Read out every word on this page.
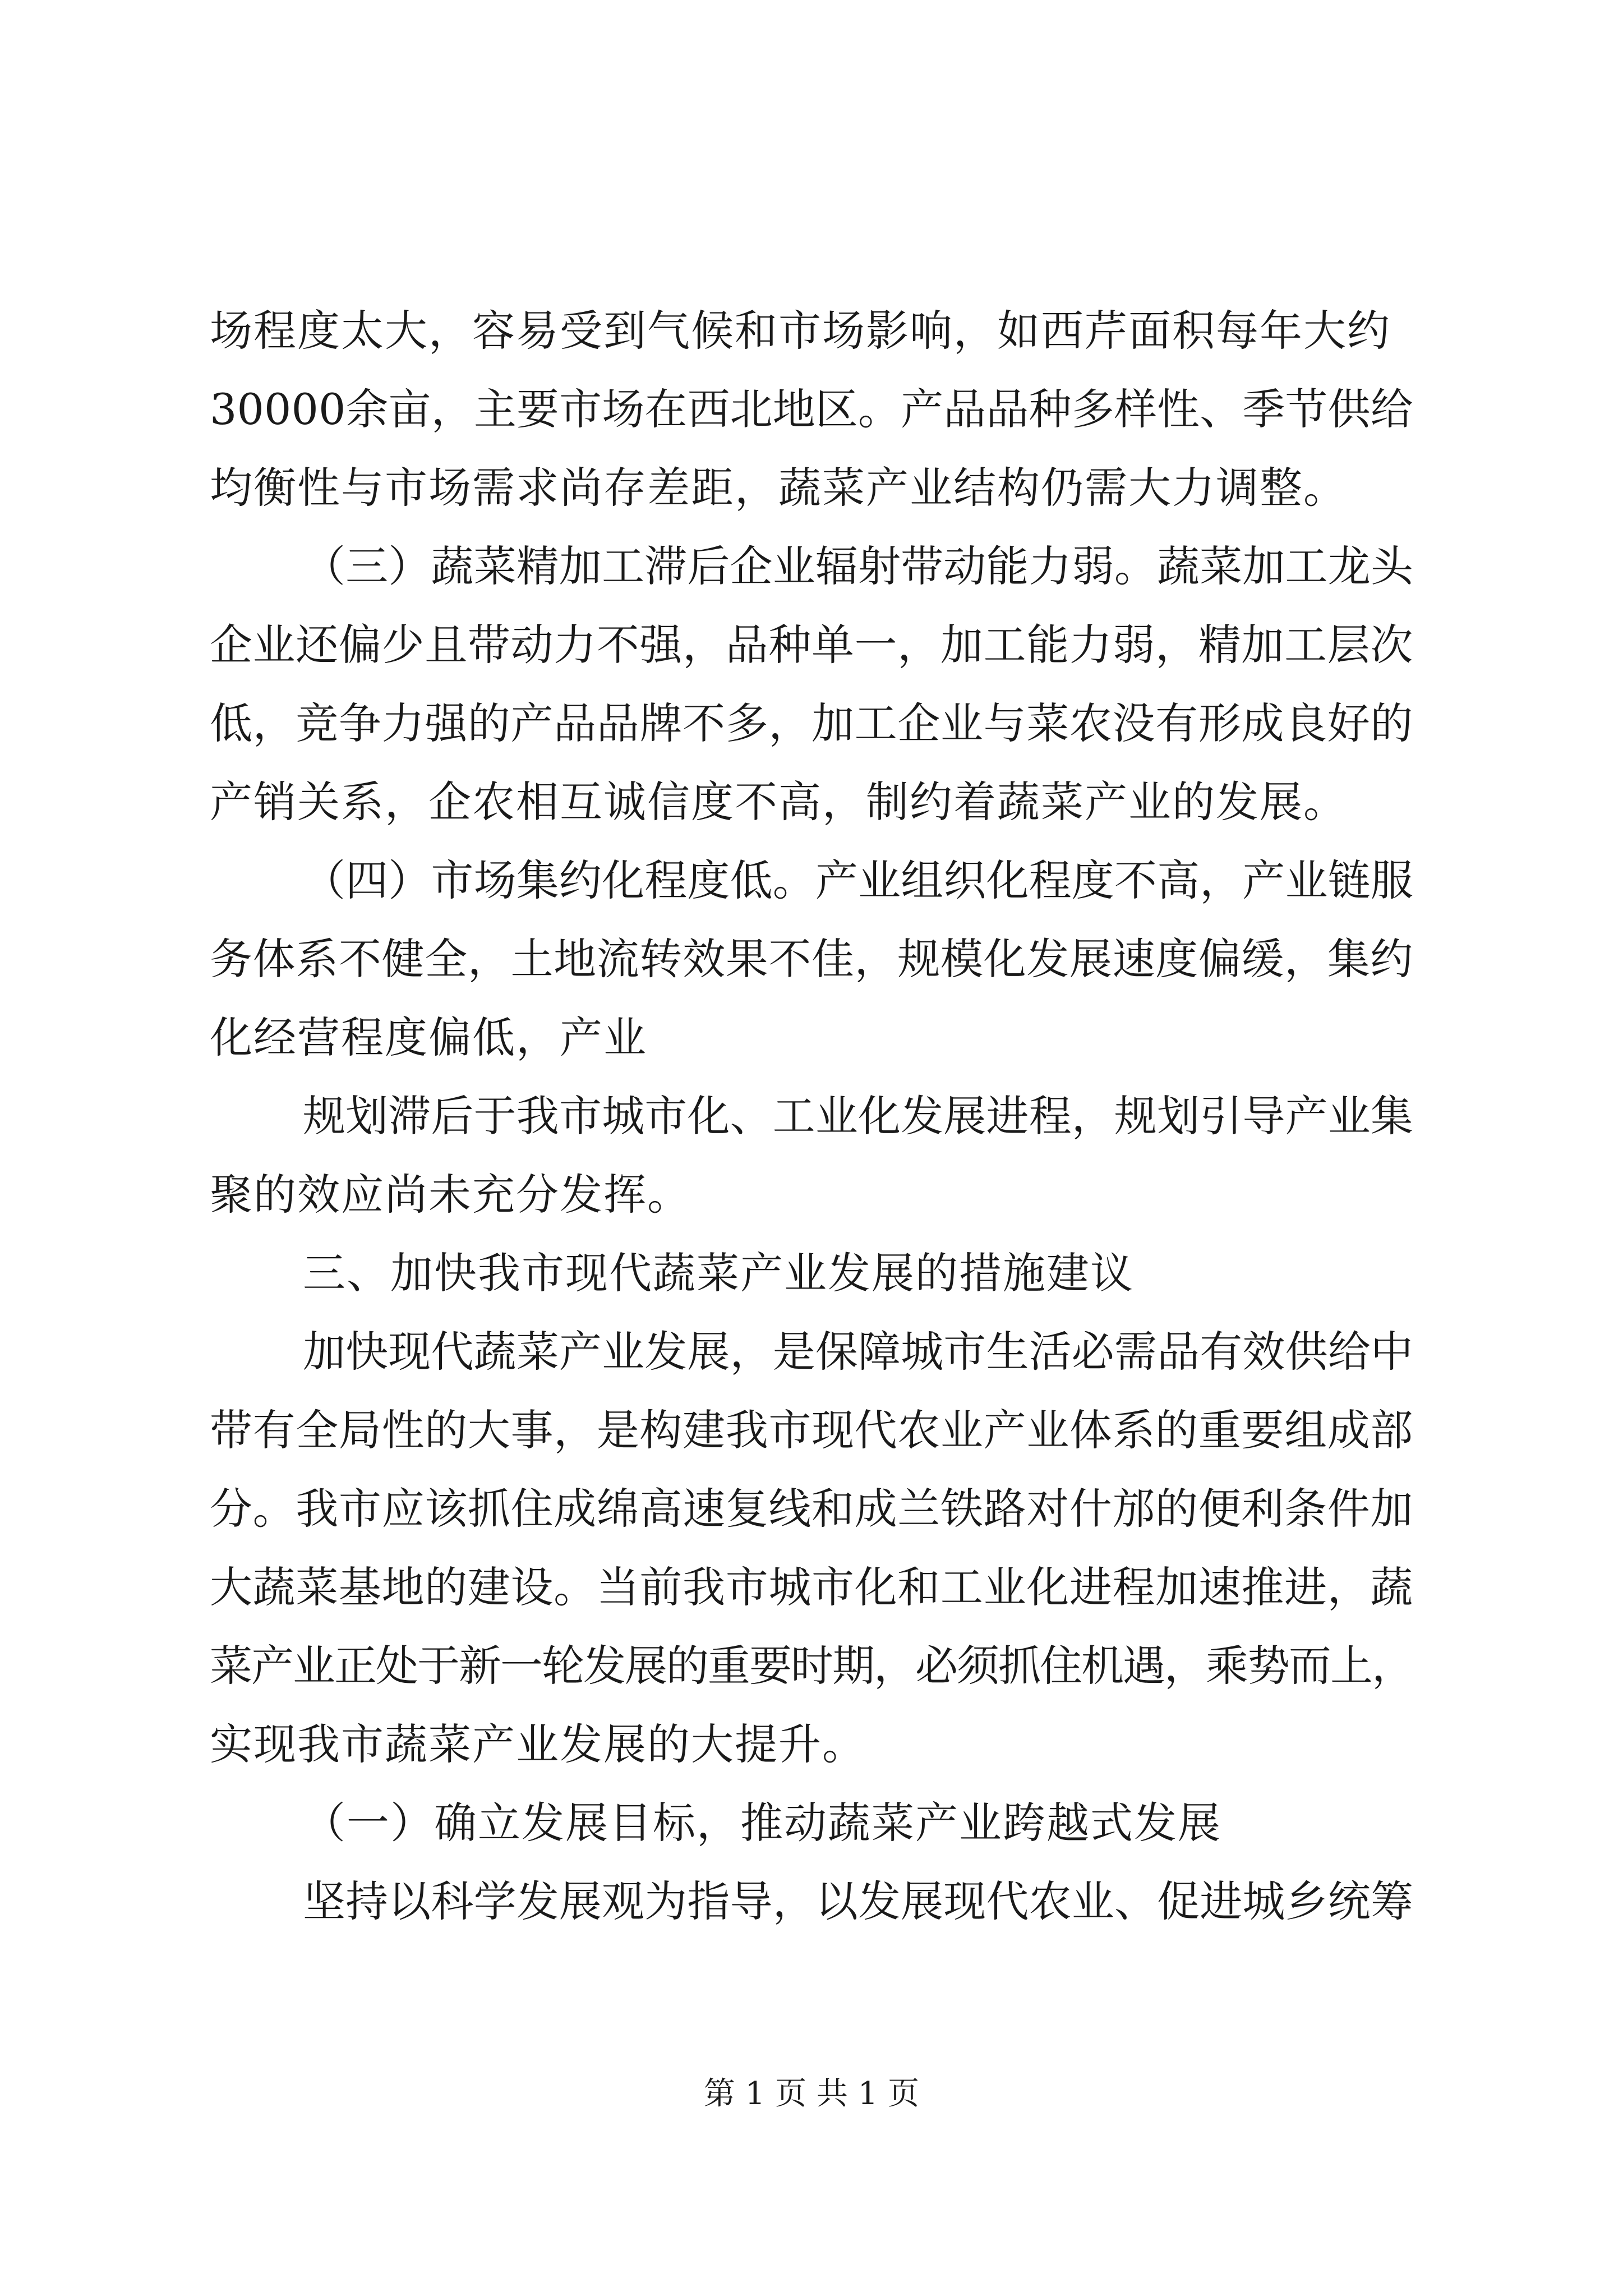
场程度太大，容易受到气候和市场影响，如西芹面积每年大约
30000余亩，主要市场在西北地区。产品品种多样性、季节供给
均衡性与市场需求尚存差距，蔬菜产业结构仍需大力调整。
（三）蔬菜精加工滞后企业辐射带动能力弱。蔬菜加工龙头
企业还偏少且带动力不强，品种单一，加工能力弱，精加工层次
低，竞争力强的产品品牌不多，加工企业与菜农没有形成良好的
产销关系，企农相互诚信度不高，制约着蔬菜产业的发展。
（四）市场集约化程度低。产业组织化程度不高，产业链服
务体系不健全，土地流转效果不佳，规模化发展速度偏缓，集约
化经营程度偏低，产业
规划滞后于我市城市化、工业化发展进程，规划引导产业集
聚的效应尚未充分发挥。
三、加快我市现代蔬菜产业发展的措施建议
加快现代蔬菜产业发展，是保障城市生活必需品有效供给中
带有全局性的大事，是构建我市现代农业产业体系的重要组成部
分。我市应该抓住成绵高速复线和成兰铁路对什邡的便利条件加
大蔬菜基地的建设。当前我市城市化和工业化进程加速推进，蔬
菜产业正处于新一轮发展的重要时期，必须抓住机遇，乘势而上，
实现我市蔬菜产业发展的大提升。
（一）确立发展目标，推动蔬菜产业跨越式发展
坚持以科学发展观为指导，以发展现代农业、促进城乡统筹
第 1 页 共 1 页
